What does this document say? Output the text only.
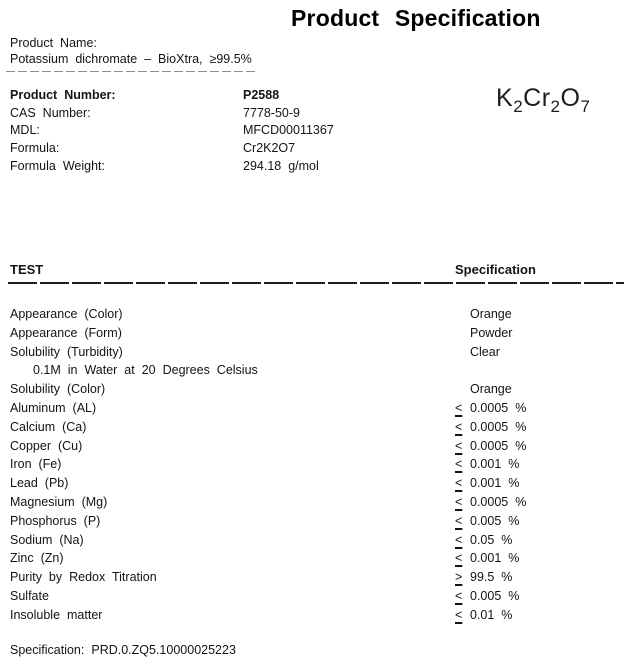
Product Specification
Product Name:
Potassium dichromate – BioXtra, ≥99.5%
Product Number:	P2588
CAS Number:	7778-50-9
MDL:	MFCD00011367
Formula:	Cr2K2O7
Formula Weight:	294.18 g/mol
$K_2Cr_2O_7$
TEST	Specification
Appearance (Color)	Orange
Appearance (Form)	Powder
Solubility (Turbidity)	Clear
0.1M in Water at 20 Degrees Celsius
Solubility (Color)	Orange
Aluminum (AL)	< 0.0005 %
Calcium (Ca)	< 0.0005 %
Copper (Cu)	< 0.0005 %
Iron (Fe)	< 0.001 %
Lead (Pb)	< 0.001 %
Magnesium (Mg)	< 0.0005 %
Phosphorus (P)	< 0.005 %
Sodium (Na)	< 0.05 %
Zinc (Zn)	< 0.001 %
Purity by Redox Titration	> 99.5 %
Sulfate	< 0.005 %
Insoluble matter	< 0.01 %
Specification: PRD.0.ZQ5.10000025223
